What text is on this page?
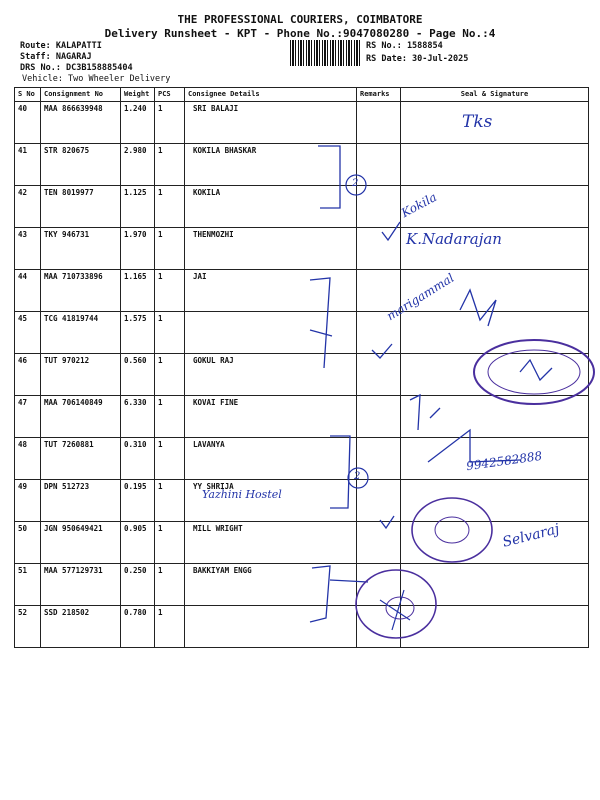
THE PROFESSIONAL COURIERS, COIMBATORE
Delivery Runsheet - KPT - Phone No.:9047080280 - Page No.:4
Route: KALAPATTI
Staff: NAGARAJ
DRS No.: DC3B158885404
Vehicle: Two Wheeler Delivery
RS No.: 1588854
RS Date: 30-Jul-2025
S No	Consignment No	Weight	PCS	Consignee Details	Remarks	Seal & Signature
40	MAA 866639948	1.240	1	SRI BALAJI		
41	STR 820675	2.980	1	KOKILA BHASKAR		
42	TEN 8019977	1.125	1	KOKILA		
43	TKY 946731	1.970	1	THENMOZHI		
44	MAA 710733896	1.165	1	JAI		
45	TCG 41819744	1.575	1			
46	TUT 970212	0.560	1	GOKUL RAJ		
47	MAA 706140849	6.330	1	KOVAI FINE		
48	TUT 7260881	0.310	1	LAVANYA		
49	DPN 512723	0.195	1	YY SHRIJA		
50	JGN 950649421	0.905	1	MILL WRIGHT		
51	MAA 577129731	0.250	1	BAKKIYAM ENGG		
52	SSD 218502	0.780	1			
Tks
Kokila
K.Nadarajan
marigammal
Yazhini Hostel
9942582888
Selvaraj
2
2
